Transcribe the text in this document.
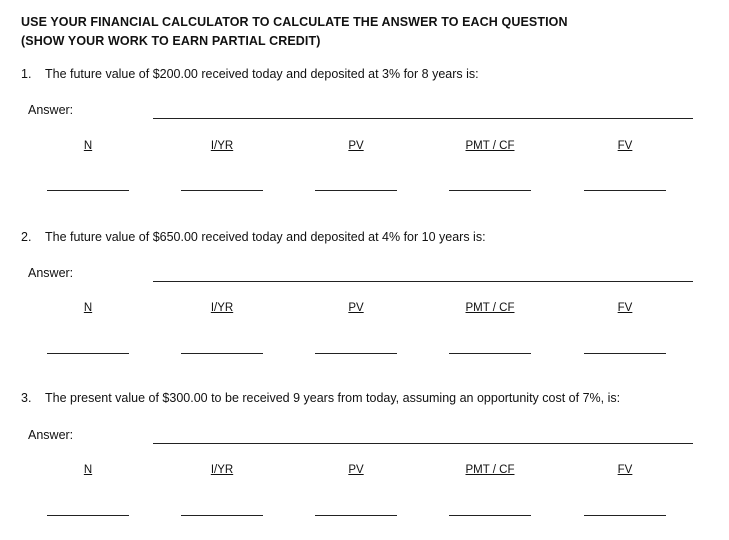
USE YOUR FINANCIAL CALCULATOR TO CALCULATE THE ANSWER TO EACH QUESTION
(SHOW YOUR WORK TO EARN PARTIAL CREDIT)
1. The future value of $200.00 received today and deposited at 3% for 8 years is:
Answer:
N	I/YR	PV	PMT / CF	FV
2. The future value of $650.00 received today and deposited at 4% for 10 years is:
Answer:
N	I/YR	PV	PMT / CF	FV
3. The present value of $300.00 to be received 9 years from today, assuming an opportunity cost of 7%, is:
Answer:
N	I/YR	PV	PMT / CF	FV
